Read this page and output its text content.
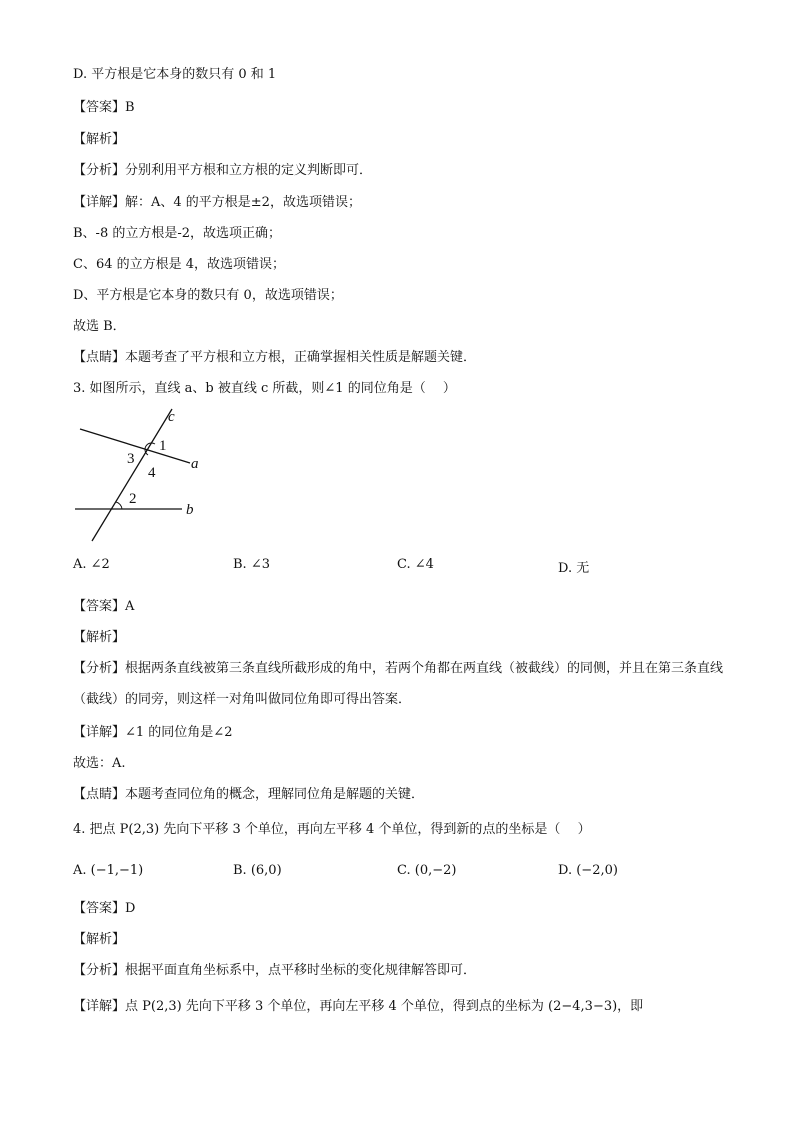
D. 平方根是它本身的数只有 0 和 1
【答案】B
【解析】
【分析】分别利用平方根和立方根的定义判断即可．
【详解】解：A、4 的平方根是±2，故选项错误；
B、-8 的立方根是-2，故选项正确；
C、64 的立方根是 4，故选项错误；
D、平方根是它本身的数只有 0，故选项错误；
故选 B．
【点睛】本题考查了平方根和立方根，正确掌握相关性质是解题关键．
3. 如图所示，直线 a、b 被直线 c 所截，则∠1 的同位角是（　 ）
c
1
3
4
a
2
b
A. ∠2	B. ∠3	C. ∠4	D. 无
【答案】A
【解析】
【分析】根据两条直线被第三条直线所截形成的角中，若两个角都在两直线（被截线）的同侧，并且在第三条直线（截线）的同旁，则这样一对角叫做同位角即可得出答案．
【详解】∠1 的同位角是∠2
故选：A.
【点睛】本题考查同位角的概念，理解同位角是解题的关键．
4. 把点 P(2,3) 先向下平移 3 个单位，再向左平移 4 个单位，得到新的点的坐标是（　 ）
A. (−1,−1)	B. (6,0)	C. (0,−2)	D. (−2,0)
【答案】D
【解析】
【分析】根据平面直角坐标系中，点平移时坐标的变化规律解答即可．
【详解】点 P(2,3) 先向下平移 3 个单位，再向左平移 4 个单位，得到点的坐标为 (2−4,3−3)，即
